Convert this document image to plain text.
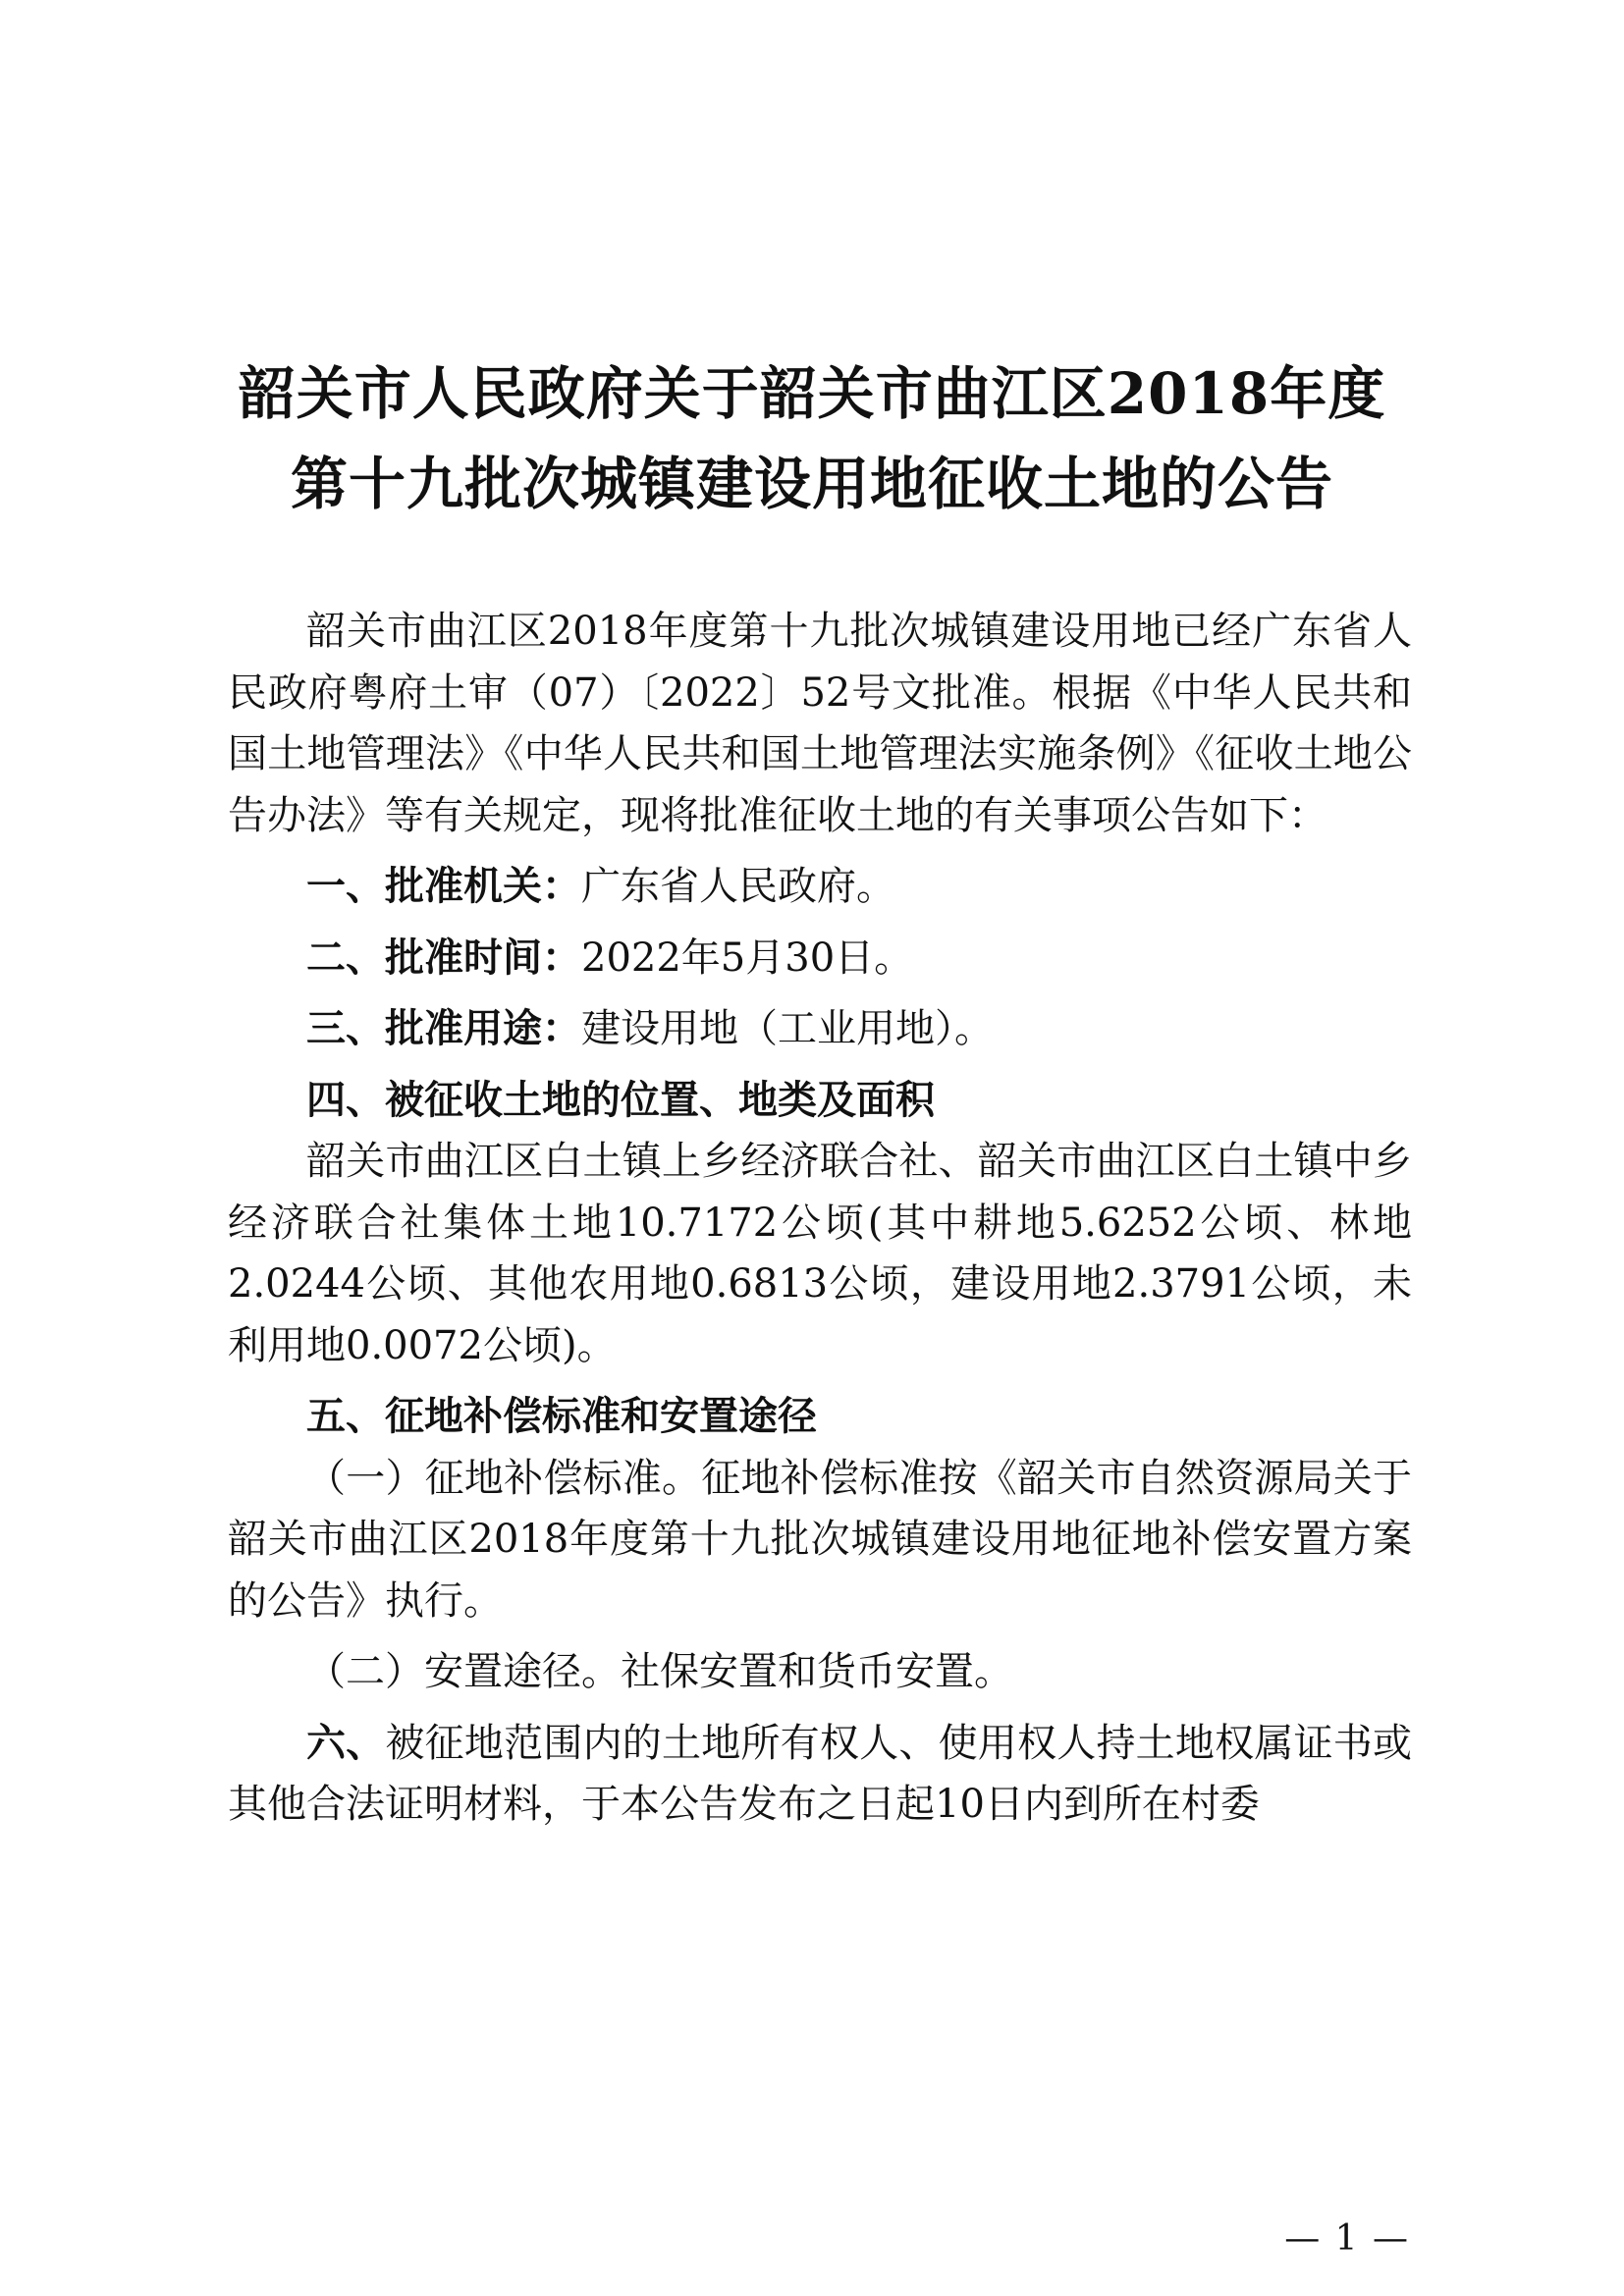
韶关市人民政府关于韶关市曲江区2018年度
第十九批次城镇建设用地征收土地的公告

韶关市曲江区2018年度第十九批次城镇建设用地已经广东省人民政府粤府土审（07）〔2022〕52号文批准。根据《中华人民共和国土地管理法》《中华人民共和国土地管理法实施条例》《征收土地公告办法》等有关规定，现将批准征收土地的有关事项公告如下：

一、批准机关：广东省人民政府。

二、批准时间：2022年5月30日。

三、批准用途：建设用地（工业用地）。

四、被征收土地的位置、地类及面积

韶关市曲江区白土镇上乡经济联合社、韶关市曲江区白土镇中乡经济联合社集体土地10.7172公顷(其中耕地5.6252公顷、林地2.0244公顷、其他农用地0.6813公顷，建设用地2.3791公顷，未利用地0.0072公顷)。

五、征地补偿标准和安置途径

（一）征地补偿标准。征地补偿标准按《韶关市自然资源局关于韶关市曲江区2018年度第十九批次城镇建设用地征地补偿安置方案的公告》执行。

（二）安置途径。社保安置和货币安置。

六、被征地范围内的土地所有权人、使用权人持土地权属证书或其他合法证明材料，于本公告发布之日起10日内到所在村委

— 1 —
